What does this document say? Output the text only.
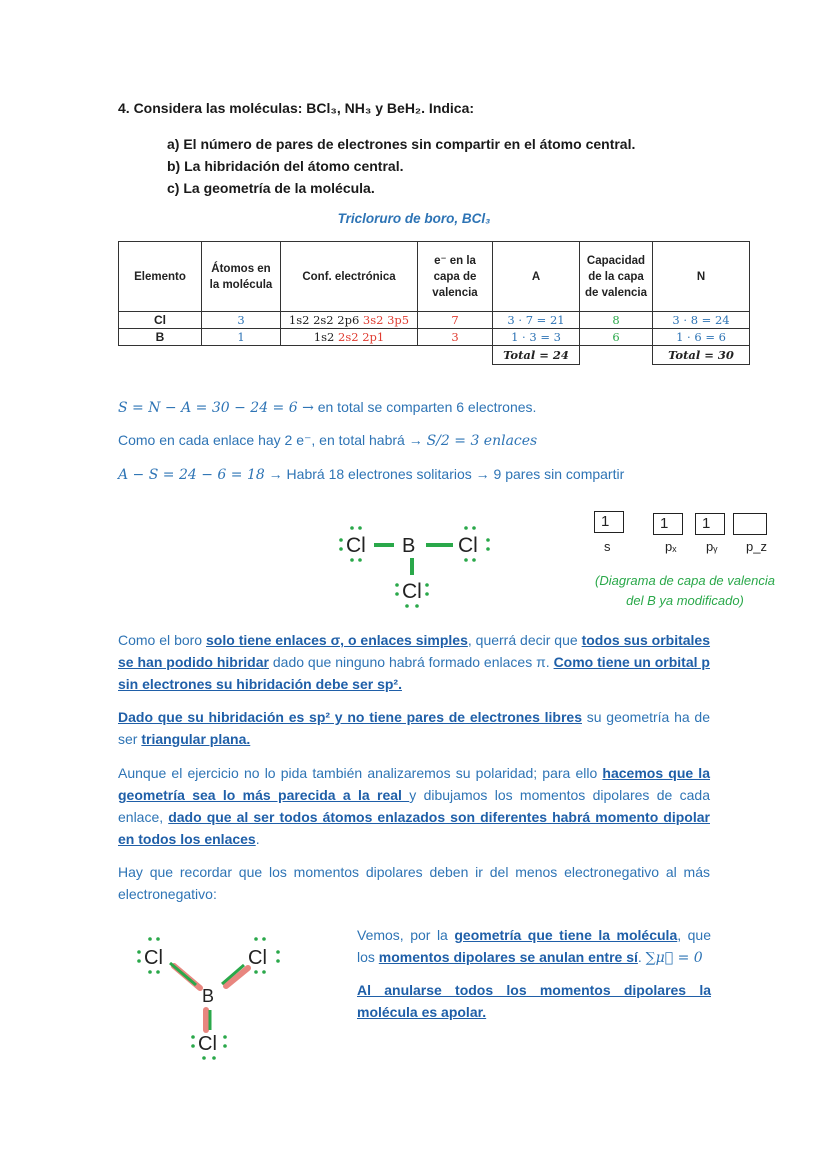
4. Considera las moléculas: BCl₃, NH₃ y BeH₂. Indica:
a) El número de pares de electrones sin compartir en el átomo central.
b) La hibridación del átomo central.
c) La geometría de la molécula.
Tricloruro de boro, BCl₃
Elemento	Átomos en la molécula	Conf. electrónica	e⁻ en la capa de valencia	A	Capacidad de la capa de valencia	N
Cl	3	1s2 2s2 2p6 3s2 3p5	7	3 · 7 = 21	8	3 · 8 = 24
B	1	1s2 2s2 2p1	3	1 · 3 = 3	6	1 · 6 = 6
				Total = 24		Total = 30
S = N − A = 30 − 24 = 6 → en total se comparten 6 electrones.
Como en cada enlace hay 2 e⁻, en total habrá → S/2 = 3 enlaces
A − S = 24 − 6 = 18 → Habrá 18 electrones solitarios → 9 pares sin compartir
Cl B Cl
Cl
1	1	1
s	pₓ pᵧ p_z
(Diagrama de capa de valencia
del B ya modificado)
Como el boro solo tiene enlaces σ, o enlaces simples, querrá decir que todos sus orbitales se han podido hibridar dado que ninguno habrá formado enlaces π. Como tiene un orbital p sin electrones su hibridación debe ser sp².
Dado que su hibridación es sp² y no tiene pares de electrones libres su geometría ha de ser triangular plana.
Aunque el ejercicio no lo pida también analizaremos su polaridad; para ello hacemos que la geometría sea lo más parecida a la real y dibujamos los momentos dipolares de cada enlace, dado que al ser todos átomos enlazados son diferentes habrá momento dipolar en todos los enlaces.
Hay que recordar que los momentos dipolares deben ir del menos electronegativo al más electronegativo:
Cl	Cl
B
Cl
Vemos, por la geometría que tiene la molécula, que los momentos dipolares se anulan entre sí. ∑μ⃗ = 0
Al anularse todos los momentos dipolares la molécula es apolar.
